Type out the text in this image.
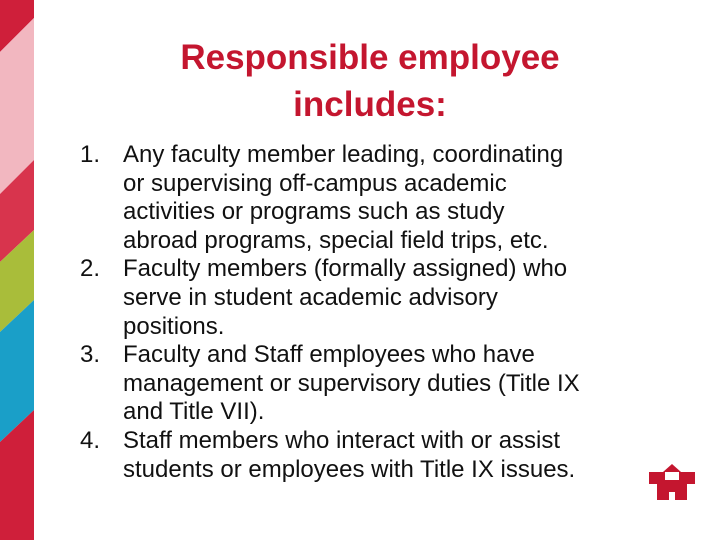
Responsible employee
includes:
1. Any faculty member leading, coordinating
or supervising off-campus academic
activities or programs such as study
abroad programs, special field trips, etc.
2. Faculty members (formally assigned) who
serve in student academic advisory
positions.
3. Faculty and Staff employees who have
management or supervisory duties (Title IX
and Title VII).
4. Staff members who interact with or assist
students or employees with Title IX issues.
